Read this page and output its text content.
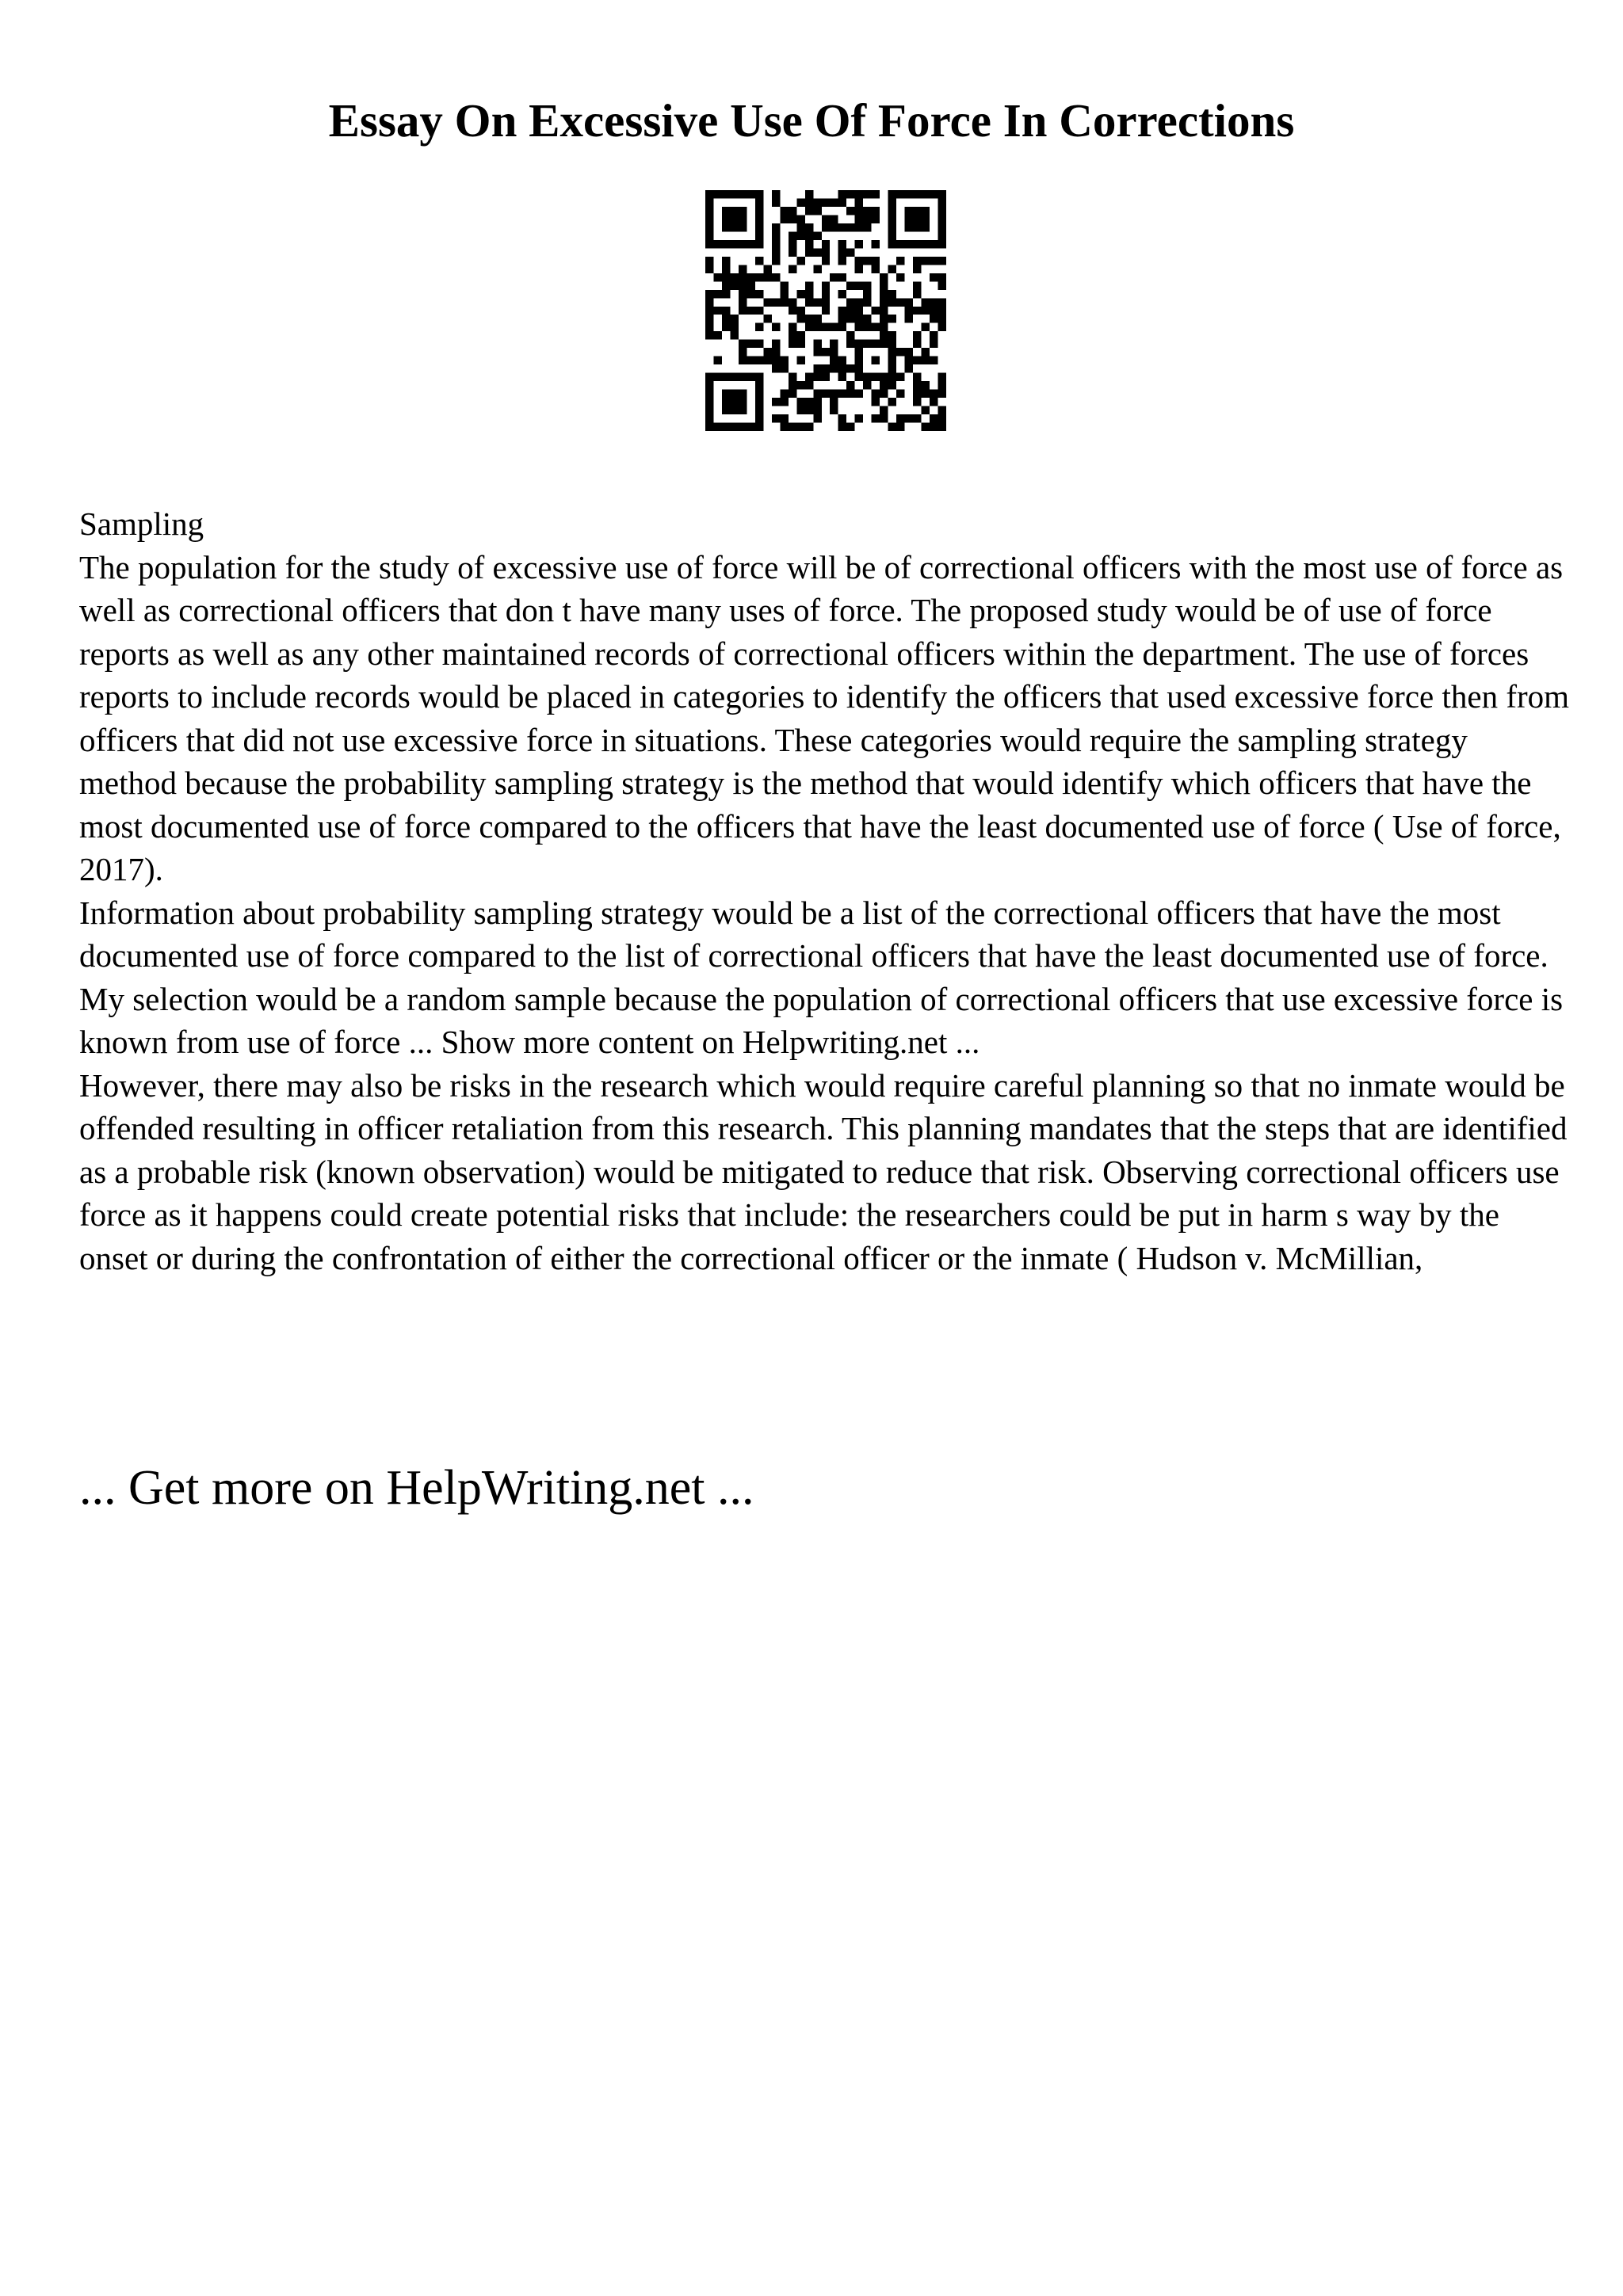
Essay On Excessive Use Of Force In Corrections

Sampling

The population for the study of excessive use of force will be of correctional officers with the most use of force as well as correctional officers that don t have many uses of force. The proposed study would be of use of force reports as well as any other maintained records of correctional officers within the department. The use of forces reports to include records would be placed in categories to identify the officers that used excessive force then from officers that did not use excessive force in situations. These categories would require the sampling strategy method because the probability sampling strategy is the method that would identify which officers that have the most documented use of force compared to the officers that have the least documented use of force ( Use of force, 2017).

Information about probability sampling strategy would be a list of the correctional officers that have the most documented use of force compared to the list of correctional officers that have the least documented use of force. My selection would be a random sample because the population of correctional officers that use excessive force is known from use of force ... Show more content on Helpwriting.net ...

However, there may also be risks in the research which would require careful planning so that no inmate would be offended resulting in officer retaliation from this research. This planning mandates that the steps that are identified as a probable risk (known observation) would be mitigated to reduce that risk. Observing correctional officers use force as it happens could create potential risks that include: the researchers could be put in harm s way by the onset or during the confrontation of either the correctional officer or the inmate ( Hudson v. McMillian,

... Get more on HelpWriting.net ...
